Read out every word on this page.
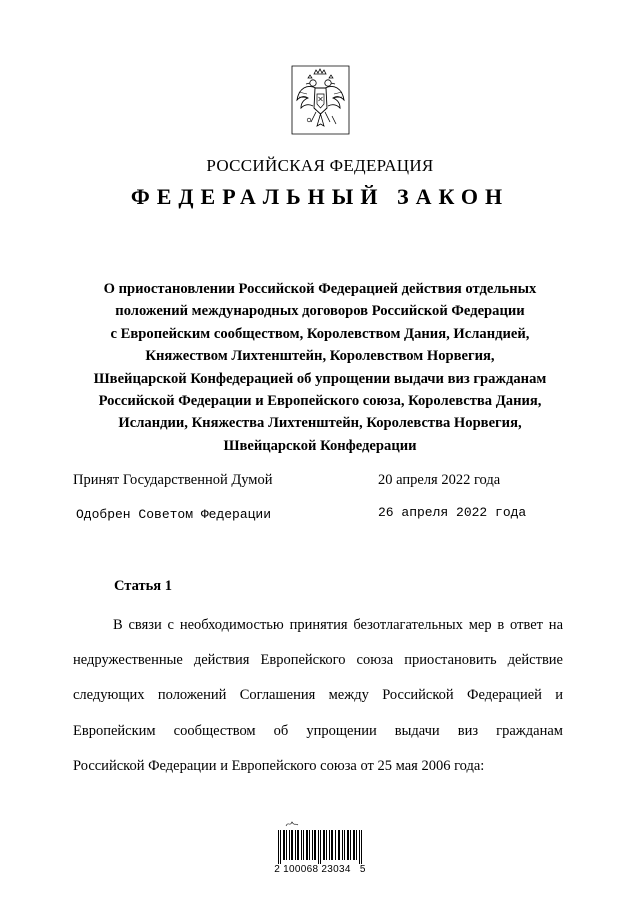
РОССИЙСКАЯ ФЕДЕРАЦИЯ
ФЕДЕРАЛЬНЫЙ ЗАКОН
О приостановлении Российской Федерацией действия отдельных
положений международных договоров Российской Федерации
с Европейским сообществом, Королевством Дания, Исландией,
Княжеством Лихтенштейн, Королевством Норвегия,
Швейцарской Конфедерацией об упрощении выдачи виз гражданам
Российской Федерации и Европейского союза, Королевства Дания,
Исландии, Княжества Лихтенштейн, Королевства Норвегия,
Швейцарской Конфедерации
Принят Государственной Думой	20 апреля 2022 года
Одобрен Советом Федерации	26 апреля 2022 года
Статья 1
В связи с необходимостью принятия безотлагательных мер в ответ на
недружественные действия Европейского союза приостановить действие
следующих положений Соглашения между Российской Федерацией и
Европейским сообществом об упрощении выдачи виз гражданам
Российской Федерации и Европейского союза от 25 мая 2006 года:
2 100068 23034   5
